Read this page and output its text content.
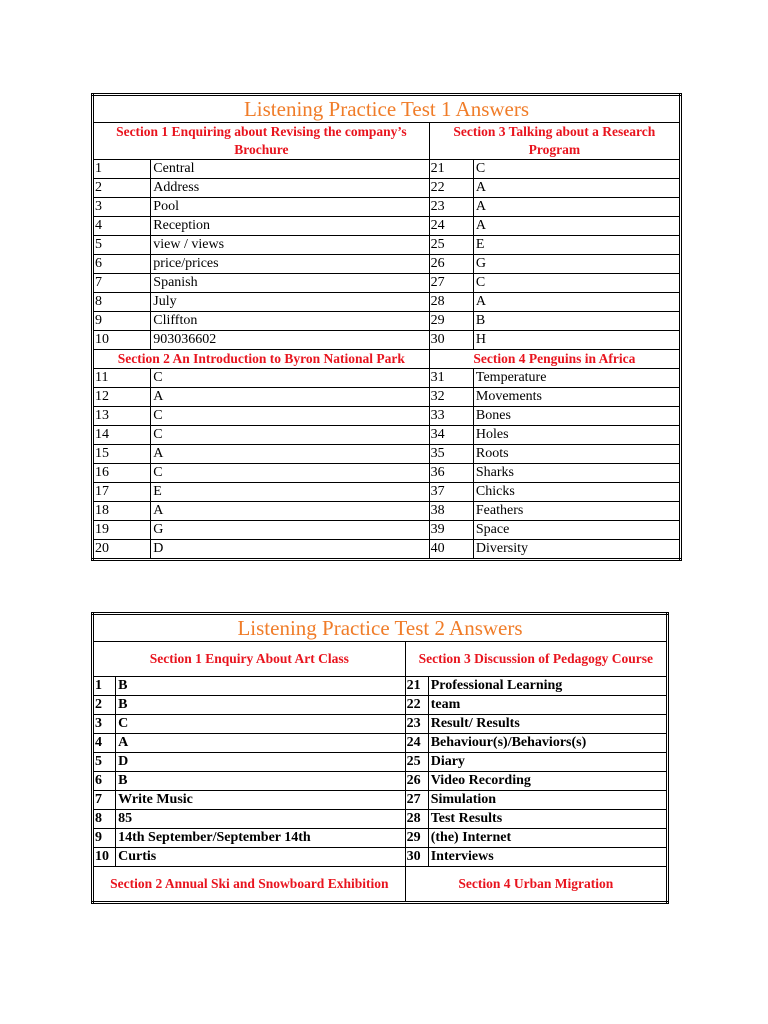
Listening Practice Test 1 Answers			
Section 1 Enquiring about Revising the company’s Brochure		Section 3 Talking about a Research Program	
1	Central	21	C
2	Address	22	A
3	Pool	23	A
4	Reception	24	A
5	view / views	25	E
6	price/prices	26	G
7	Spanish	27	C
8	July	28	A
9	Cliffton	29	B
10	903036602	30	H
Section 2 An Introduction to Byron National Park		Section 4 Penguins in Africa	
11	C	31	Temperature
12	A	32	Movements
13	C	33	Bones
14	C	34	Holes
15	A	35	Roots
16	C	36	Sharks
17	E	37	Chicks
18	A	38	Feathers
19	G	39	Space
20	D	40	Diversity
Listening Practice Test 2 Answers			
Section 1 Enquiry About Art Class		Section 3 Discussion of Pedagogy Course	
1	B	21	Professional Learning
2	B	22	team
3	C	23	Result/ Results
4	A	24	Behaviour(s)/Behaviors(s)
5	D	25	Diary
6	B	26	Video Recording
7	Write Music	27	Simulation
8	85	28	Test Results
9	14th September/September 14th	29	(the) Internet
10	Curtis	30	Interviews
Section 2 Annual Ski and Snowboard Exhibition		Section 4 Urban Migration	
